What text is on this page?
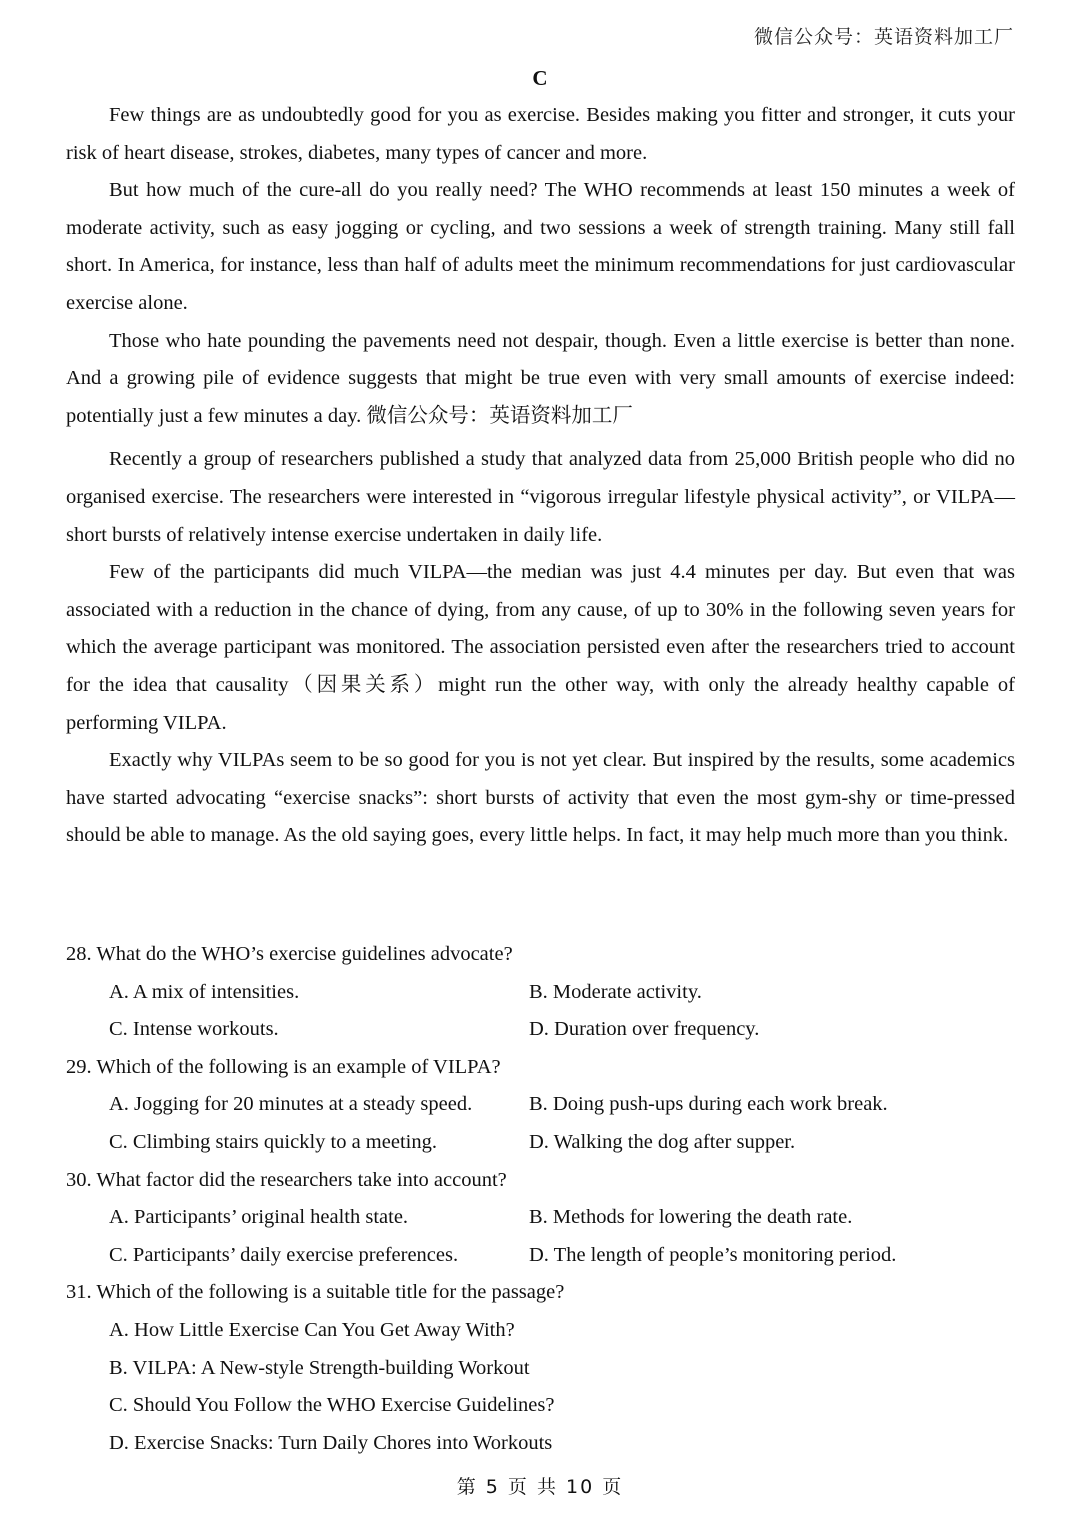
微信公众号：英语资料加工厂
C

Few things are as undoubtedly good for you as exercise. Besides making you fitter and stronger, it cuts your risk of heart disease, strokes, diabetes, many types of cancer and more.

But how much of the cure-all do you really need? The WHO recommends at least 150 minutes a week of moderate activity, such as easy jogging or cycling, and two sessions a week of strength training. Many still fall short. In America, for instance, less than half of adults meet the minimum recommendations for just cardiovascular exercise alone.

Those who hate pounding the pavements need not despair, though. Even a little exercise is better than none. And a growing pile of evidence suggests that might be true even with very small amounts of exercise indeed: potentially just a few minutes a day. 微信公众号：英语资料加工厂

Recently a group of researchers published a study that analyzed data from 25,000 British people who did no organised exercise. The researchers were interested in “vigorous irregular lifestyle physical activity”, or VILPA—short bursts of relatively intense exercise undertaken in daily life.

Few of the participants did much VILPA—the median was just 4.4 minutes per day. But even that was associated with a reduction in the chance of dying, from any cause, of up to 30% in the following seven years for which the average participant was monitored. The association persisted even after the researchers tried to account for the idea that causality（因果关系）might run the other way, with only the already healthy capable of performing VILPA.

Exactly why VILPAs seem to be so good for you is not yet clear. But inspired by the results, some academics have started advocating “exercise snacks”: short bursts of activity that even the most gym-shy or time-pressed should be able to manage. As the old saying goes, every little helps. In fact, it may help much more than you think.

28. What do the WHO’s exercise guidelines advocate?

A. A mix of intensities.	B. Moderate activity.
C. Intense workouts.	D. Duration over frequency.

29. Which of the following is an example of VILPA?

A. Jogging for 20 minutes at a steady speed.	B. Doing push-ups during each work break.
C. Climbing stairs quickly to a meeting.	D. Walking the dog after supper.

30. What factor did the researchers take into account?

A. Participants’ original health state.	B. Methods for lowering the death rate.
C. Participants’ daily exercise preferences.	D. The length of people’s monitoring period.

31. Which of the following is a suitable title for the passage?

A. How Little Exercise Can You Get Away With?
B. VILPA: A New-style Strength-building Workout
C. Should You Follow the WHO Exercise Guidelines?
D. Exercise Snacks: Turn Daily Chores into Workouts
第 5 页 共 10 页
